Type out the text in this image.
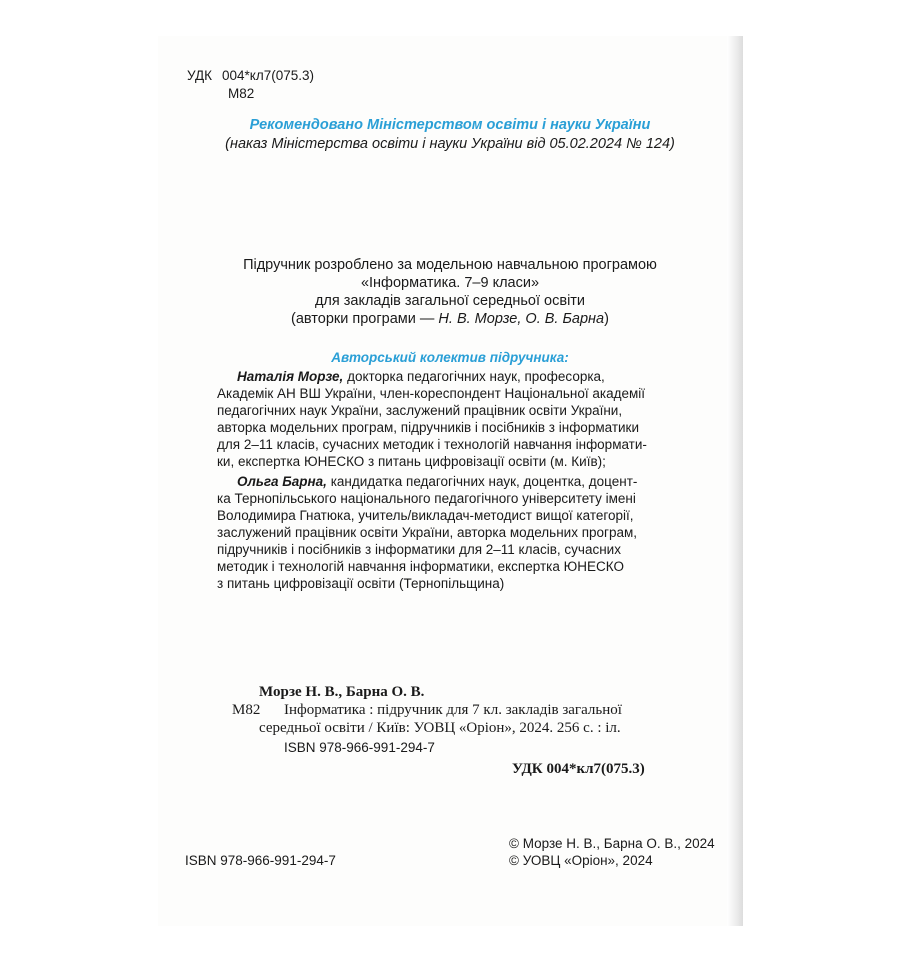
УДК 004*кл7(075.3)
М82
Рекомендовано Міністерством освіти і науки України
(наказ Міністерства освіти і науки України від 05.02.2024 № 124)
Підручник розроблено за модельною навчальною програмою
«Інформатика. 7–9 класи»
для закладів загальної середньої освіти
(авторки програми — Н. В. Морзе, О. В. Барна)
Авторський колектив підручника:
Наталія Морзе, докторка педагогічних наук, професорка,
Академік АН ВШ України, член-кореспондент Національної академії
педагогічних наук України, заслужений працівник освіти України,
авторка модельних програм, підручників і посібників з інформатики
для 2–11 класів, сучасних методик і технологій навчання інформати-
ки, експертка ЮНЕСКО з питань цифровізації освіти (м. Київ);
Ольга Барна, кандидатка педагогічних наук, доцентка, доцент-
ка Тернопільського національного педагогічного університету імені
Володимира Гнатюка, учитель/викладач-методист вищої категорії,
заслужений працівник освіти України, авторка модельних програм,
підручників і посібників з інформатики для 2–11 класів, сучасних
методик і технологій навчання інформатики, експертка ЮНЕСКО
з питань цифровізації освіти (Тернопільщина)
Морзе Н. В., Барна О. В.
М82 Інформатика : підручник для 7 кл. закладів загальної
середньої освіти / Київ: УОВЦ «Оріон», 2024. 256 с. : іл.
ISBN 978-966-991-294-7
УДК 004*кл7(075.3)
ISBN 978-966-991-294-7
© Морзе Н. В., Барна О. В., 2024
© УОВЦ «Оріон», 2024
